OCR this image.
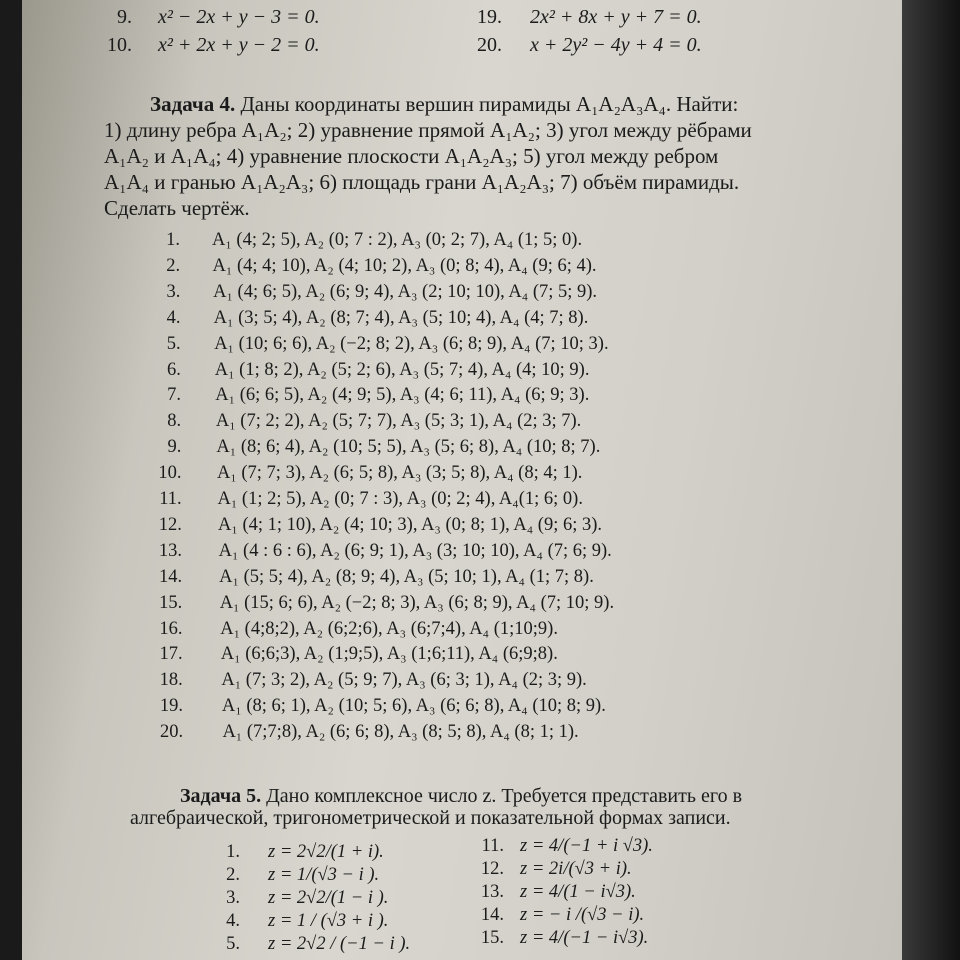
9. x² − 2x + y − 3 = 0.
10. x² + 2x + y − 2 = 0.
19. 2x² + 8x + y + 7 = 0.
20. x + 2y² − 4y + 4 = 0.
Задача 4. Даны координаты вершин пирамиды A₁A₂A₃A₄. Найти:
1) длину ребра A₁A₂; 2) уравнение прямой A₁A₂; 3) угол между рёбрами
A₁A₂ и A₁A₄; 4) уравнение плоскости A₁A₂A₃; 5) угол между ребром
A₁A₄ и гранью A₁A₂A₃; 6) площадь грани A₁A₂A₃; 7) объём пирамиды.
Сделать чертёж.
1. A₁ (4; 2; 5), A₂ (0; 7 : 2), A₃ (0; 2; 7), A₄ (1; 5; 0).
2. A₁ (4; 4; 10), A₂ (4; 10; 2), A₃ (0; 8; 4), A₄ (9; 6; 4).
3. A₁ (4; 6; 5), A₂ (6; 9; 4), A₃ (2; 10; 10), A₄ (7; 5; 9).
4. A₁ (3; 5; 4), A₂ (8; 7; 4), A₃ (5; 10; 4), A₄ (4; 7; 8).
5. A₁ (10; 6; 6), A₂ (−2; 8; 2), A₃ (6; 8; 9), A₄ (7; 10; 3).
6. A₁ (1; 8; 2), A₂ (5; 2; 6), A₃ (5; 7; 4), A₄ (4; 10; 9).
7. A₁ (6; 6; 5), A₂ (4; 9; 5), A₃ (4; 6; 11), A₄ (6; 9; 3).
8. A₁ (7; 2; 2), A₂ (5; 7; 7), A₃ (5; 3; 1), A₄ (2; 3; 7).
9. A₁ (8; 6; 4), A₂ (10; 5; 5), A₃ (5; 6; 8), A₄ (10; 8; 7).
10. A₁ (7; 7; 3), A₂ (6; 5; 8), A₃ (3; 5; 8), A₄ (8; 4; 1).
11. A₁ (1; 2; 5), A₂ (0; 7 : 3), A₃ (0; 2; 4), A₄(1; 6; 0).
12. A₁ (4; 1; 10), A₂ (4; 10; 3), A₃ (0; 8; 1), A₄ (9; 6; 3).
13. A₁ (4 : 6 : 6), A₂ (6; 9; 1), A₃ (3; 10; 10), A₄ (7; 6; 9).
14. A₁ (5; 5; 4), A₂ (8; 9; 4), A₃ (5; 10; 1), A₄ (1; 7; 8).
15. A₁ (15; 6; 6), A₂ (−2; 8; 3), A₃ (6; 8; 9), A₄ (7; 10; 9).
16. A₁ (4;8;2), A₂ (6;2;6), A₃ (6;7;4), A₄ (1;10;9).
17. A₁ (6;6;3), A₂ (1;9;5), A₃ (1;6;11), A₄ (6;9;8).
18. A₁ (7; 3; 2), A₂ (5; 9; 7), A₃ (6; 3; 1), A₄ (2; 3; 9).
19. A₁ (8; 6; 1), A₂ (10; 5; 6), A₃ (6; 6; 8), A₄ (10; 8; 9).
20. A₁ (7;7;8), A₂ (6; 6; 8), A₃ (8; 5; 8), A₄ (8; 1; 1).
Задача 5. Дано комплексное число z. Требуется представить его в
алгебраической, тригонометрической и показательной формах записи.
1. z = 2√2/(1 + i).
2. z = 1/(√3 − i ).
3. z = 2√2/(1 − i ).
4. z = 1 / (√3 + i ).
5. z = 2√2 / (−1 − i ).
11. z = 4/(−1 + i √3).
12. z = 2i/(√3 + i).
13. z = 4/(1 − i√3).
14. z = − i /(√3 − i).
15. z = 4/(−1 − i√3).
